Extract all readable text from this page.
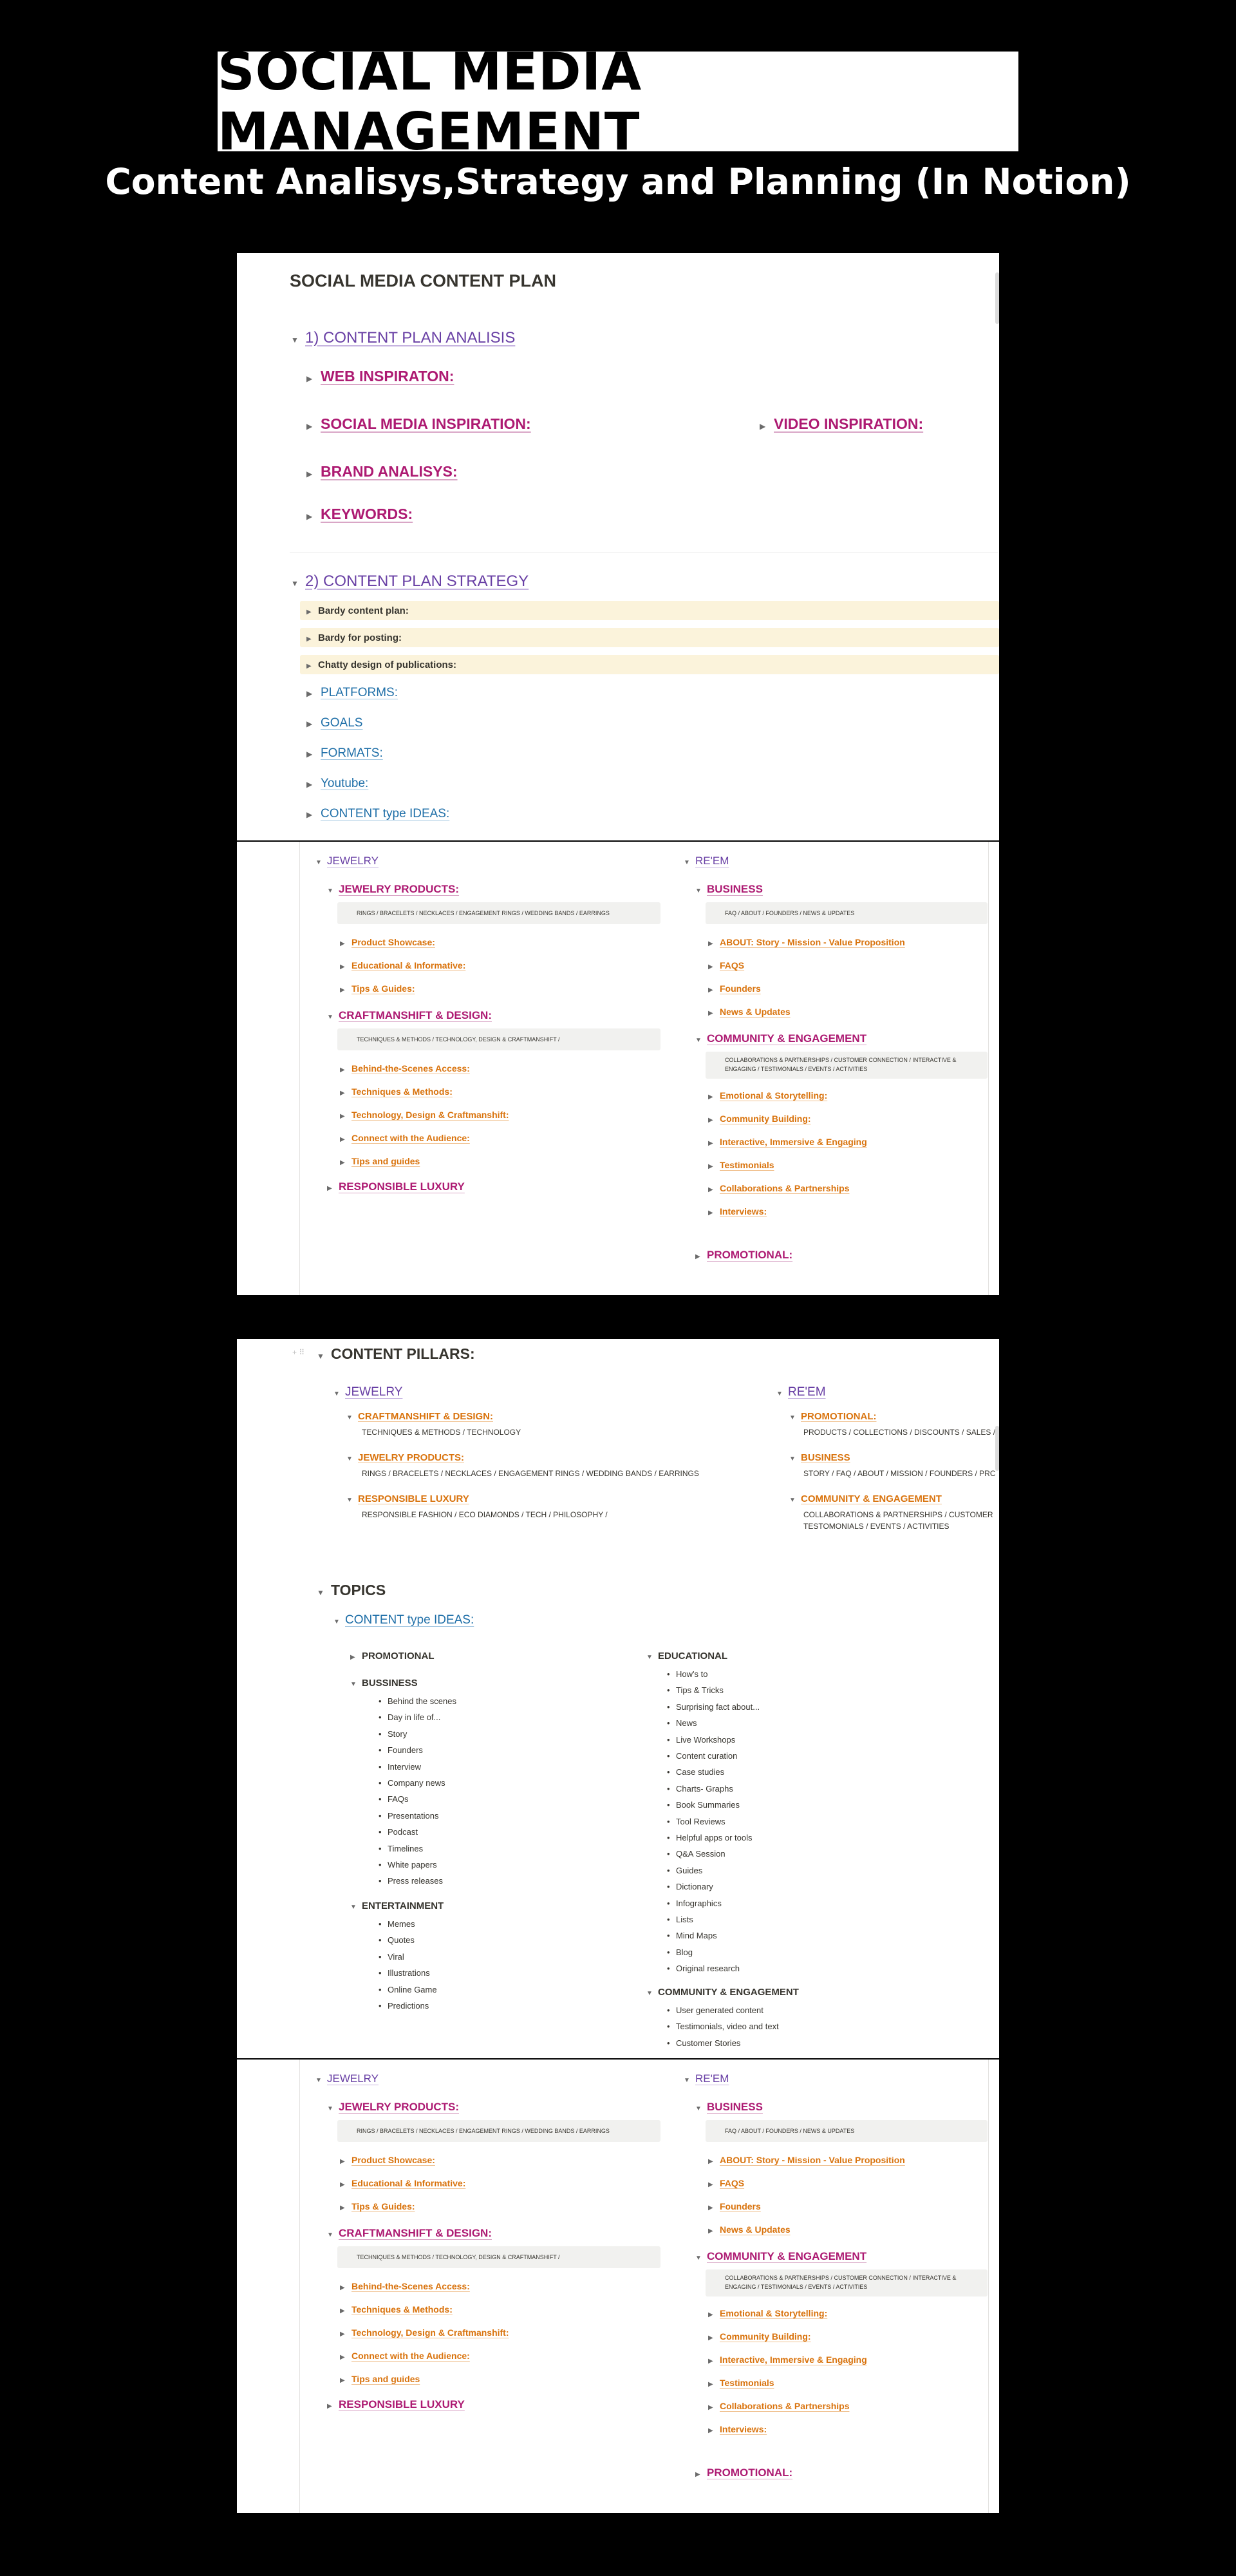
SOCIAL MEDIA MANAGEMENT
Content Analisys,Strategy and Planning (In Notion)
SOCIAL MEDIA CONTENT PLAN
▼ 1) CONTENT PLAN ANALISIS
▶ WEB INSPIRATON:
▶ SOCIAL MEDIA INSPIRATION:	▶ VIDEO INSPIRATION:
▶ BRAND ANALISYS:
▶ KEYWORDS:
▼ 2) CONTENT PLAN STRATEGY
▶ Bardy content plan:
▶ Bardy for posting:
▶ Chatty design of publications:
▶ PLATFORMS:
▶ GOALS
▶ FORMATS:
▶ Youtube:
▶ CONTENT type IDEAS:
▼ JEWELRY
▼ JEWELRY PRODUCTS:
RINGS / BRACELETS / NECKLACES / ENGAGEMENT RINGS / WEDDING BANDS / EARRINGS
▶ Product Showcase:
▶ Educational & Informative:
▶ Tips & Guides:
▼ CRAFTMANSHIFT & DESIGN:
TECHNIQUES & METHODS / TECHNOLOGY, DESIGN & CRAFTMANSHIFT /
▶ Behind-the-Scenes Access:
▶ Techniques & Methods:
▶ Technology, Design & Craftmanshift:
▶ Connect with the Audience:
▶ Tips and guides
▶ RESPONSIBLE LUXURY
▼ RE'EM
▼ BUSINESS
FAQ / ABOUT / FOUNDERS / NEWS & UPDATES
▶ ABOUT: Story - Mission - Value Proposition
▶ FAQS
▶ Founders
▶ News & Updates
▼ COMMUNITY & ENGAGEMENT
COLLABORATIONS & PARTNERSHIPS / CUSTOMER CONNECTION / INTERACTIVE &
ENGAGING / TESTIMONIALS / EVENTS / ACTIVITIES
▶ Emotional & Storytelling:
▶ Community Building:
▶ Interactive, Immersive & Engaging
▶ Testimonials
▶ Collaborations & Partnerships
▶ Interviews:
▶ PROMOTIONAL:
+ ⠿ ▼ CONTENT PILLARS:
▼ JEWELRY
▼ CRAFTMANSHIFT & DESIGN:
TECHNIQUES & METHODS / TECHNOLOGY
▼ JEWELRY PRODUCTS:
RINGS / BRACELETS / NECKLACES / ENGAGEMENT RINGS / WEDDING BANDS / EARRINGS
▼ RESPONSIBLE LUXURY
RESPONSIBLE FASHION / ECO DIAMONDS / TECH / PHILOSOPHY /
▼ RE'EM
▼ PROMOTIONAL:
PRODUCTS / COLLECTIONS / DISCOUNTS / SALES /
▼ BUSINESS
STORY / FAQ / ABOUT / MISSION / FOUNDERS / PRC
▼ COMMUNITY & ENGAGEMENT
COLLABORATIONS & PARTNERSHIPS / CUSTOMER
TESTOMONIALS / EVENTS / ACTIVITIES
▼ TOPICS
▼ CONTENT type IDEAS:
▶ PROMOTIONAL
▼ BUSSINESS
• Behind the scenes
• Day in life of...
• Story
• Founders
• Interview
• Company news
• FAQs
• Presentations
• Podcast
• Timelines
• White papers
• Press releases
▼ ENTERTAINMENT
• Memes
• Quotes
• Viral
• Illustrations
• Online Game
• Predictions
▼ EDUCATIONAL
• How's to
• Tips & Tricks
• Surprising fact about...
• News
• Live Workshops
• Content curation
• Case studies
• Charts- Graphs
• Book Summaries
• Tool Reviews
• Helpful apps or tools
• Q&A Session
• Guides
• Dictionary
• Infographics
• Lists
• Mind Maps
• Blog
• Original research
▼ COMMUNITY & ENGAGEMENT
• User generated content
• Testimonials, video and text
• Customer Stories
▼ JEWELRY
▼ JEWELRY PRODUCTS:
RINGS / BRACELETS / NECKLACES / ENGAGEMENT RINGS / WEDDING BANDS / EARRINGS
▶ Product Showcase:
▶ Educational & Informative:
▶ Tips & Guides:
▼ CRAFTMANSHIFT & DESIGN:
TECHNIQUES & METHODS / TECHNOLOGY, DESIGN & CRAFTMANSHIFT /
▶ Behind-the-Scenes Access:
▶ Techniques & Methods:
▶ Technology, Design & Craftmanshift:
▶ Connect with the Audience:
▶ Tips and guides
▶ RESPONSIBLE LUXURY
▼ RE'EM
▼ BUSINESS
FAQ / ABOUT / FOUNDERS / NEWS & UPDATES
▶ ABOUT: Story - Mission - Value Proposition
▶ FAQS
▶ Founders
▶ News & Updates
▼ COMMUNITY & ENGAGEMENT
COLLABORATIONS & PARTNERSHIPS / CUSTOMER CONNECTION / INTERACTIVE &
ENGAGING / TESTIMONIALS / EVENTS / ACTIVITIES
▶ Emotional & Storytelling:
▶ Community Building:
▶ Interactive, Immersive & Engaging
▶ Testimonials
▶ Collaborations & Partnerships
▶ Interviews:
▶ PROMOTIONAL:
